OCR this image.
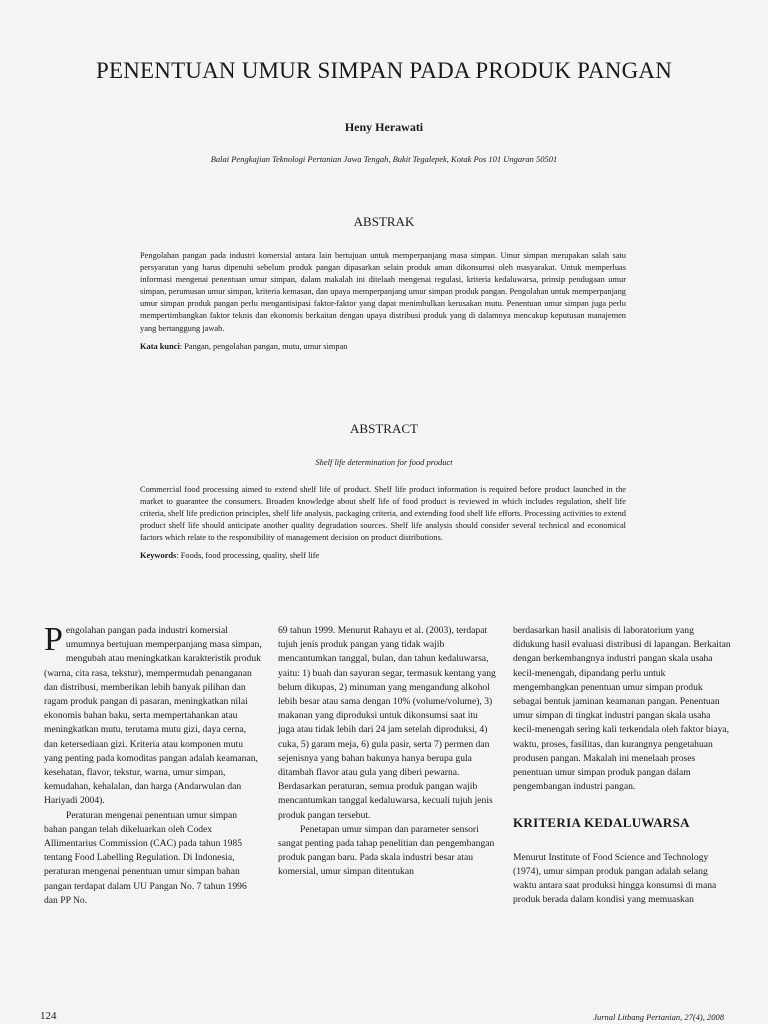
PENENTUAN UMUR SIMPAN PADA PRODUK PANGAN
Heny Herawati
Balai Pengkajian Teknologi Pertanian Jawa Tengah, Bukit Tegalepek, Kotak Pos 101 Ungaran 50501
ABSTRAK
Pengolahan pangan pada industri komersial antara lain bertujuan untuk memperpanjang masa simpan. Umur simpan merupakan salah satu persyaratan yang harus dipenuhi sebelum produk pangan dipasarkan selain produk aman dikonsumsi oleh masyarakat. Untuk memperluas informasi mengenai penentuan umur simpan, dalam makalah ini ditelaah mengenai regulasi, kriteria kedaluwarsa, prinsip pendugaan umur simpan, perumusan umur simpan, kriteria kemasan, dan upaya memperpanjang umur simpan produk pangan. Pengolahan untuk memperpanjang umur simpan produk pangan perlu mengantisipasi faktor-faktor yang dapat menimbulkan kerusakan mutu. Penentuan umur simpan juga perlu mempertimbangkan faktor teknis dan ekonomis berkaitan dengan upaya distribusi produk yang di dalamnya mencakup keputusan manajemen yang bertanggung jawab.
Kata kunci: Pangan, pengolahan pangan, mutu, umur simpan
ABSTRACT
Shelf life determination for food product
Commercial food processing aimed to extend shelf life of product. Shelf life product information is required before product launched in the market to guarantee the consumers. Broaden knowledge about shelf life of food product is reviewed in which includes regulation, shelf life criteria, shelf life prediction principles, shelf life analysis, packaging criteria, and extending food shelf life efforts. Processing activities to extend product shelf life should anticipate another quality degradation sources. Shelf life analysis should consider several technical and economical factors which relate to the responsibility of management decision on product distributions.
Keywords: Foods, food processing, quality, shelf life

Pengolahan pangan pada industri komersial umumnya bertujuan memperpanjang masa simpan, mengubah atau meningkatkan karakteristik produk (warna, cita rasa, tekstur), mempermudah penanganan dan distribusi, memberikan lebih banyak pilihan dan ragam produk pangan di pasaran, meningkatkan nilai ekonomis bahan baku, serta mempertahankan atau meningkatkan mutu, terutama mutu gizi, daya cerna, dan ketersediaan gizi. Kriteria atau komponen mutu yang penting pada komoditas pangan adalah keamanan, kesehatan, flavor, tekstur, warna, umur simpan, kemudahan, kehalalan, dan harga (Andarwulan dan Hariyadi 2004).

Peraturan mengenai penentuan umur simpan bahan pangan telah dikeluarkan oleh Codex Allimentarius Commission (CAC) pada tahun 1985 tentang Food Labelling Regulation. Di Indonesia, peraturan mengenai penentuan umur simpan bahan pangan terdapat dalam UU Pangan No. 7 tahun 1996 dan PP No.

69 tahun 1999. Menurut Rahayu et al. (2003), terdapat tujuh jenis produk pangan yang tidak wajib mencantumkan tanggal, bulan, dan tahun kedaluwarsa, yaitu: 1) buah dan sayuran segar, termasuk kentang yang belum dikupas, 2) minuman yang mengandung alkohol lebih besar atau sama dengan 10% (volume/volume), 3) makanan yang diproduksi untuk dikonsumsi saat itu juga atau tidak lebih dari 24 jam setelah diproduksi, 4) cuka, 5) garam meja, 6) gula pasir, serta 7) permen dan sejenisnya yang bahan bakunya hanya berupa gula ditambah flavor atau gula yang diberi pewarna. Berdasarkan peraturan, semua produk pangan wajib mencantumkan tanggal kedaluwarsa, kecuali tujuh jenis produk pangan tersebut.

Penetapan umur simpan dan parameter sensori sangat penting pada tahap penelitian dan pengembangan produk pangan baru. Pada skala industri besar atau komersial, umur simpan ditentukan

berdasarkan hasil analisis di laboratorium yang didukung hasil evaluasi distribusi di lapangan. Berkaitan dengan berkembangnya industri pangan skala usaha kecil-menengah, dipandang perlu untuk mengembangkan penentuan umur simpan produk sebagai bentuk jaminan keamanan pangan. Penentuan umur simpan di tingkat industri pangan skala usaha kecil-menengah sering kali terkendala oleh faktor biaya, waktu, proses, fasilitas, dan kurangnya pengetahuan produsen pangan. Makalah ini menelaah proses penentuan umur simpan produk pangan dalam pengembangan industri pangan.

KRITERIA KEDALUWARSA

Menurut Institute of Food Science and Technology (1974), umur simpan produk pangan adalah selang waktu antara saat produksi hingga konsumsi di mana produk berada dalam kondisi yang memuaskan

124	Jurnal Litbang Pertanian, 27(4), 2008
